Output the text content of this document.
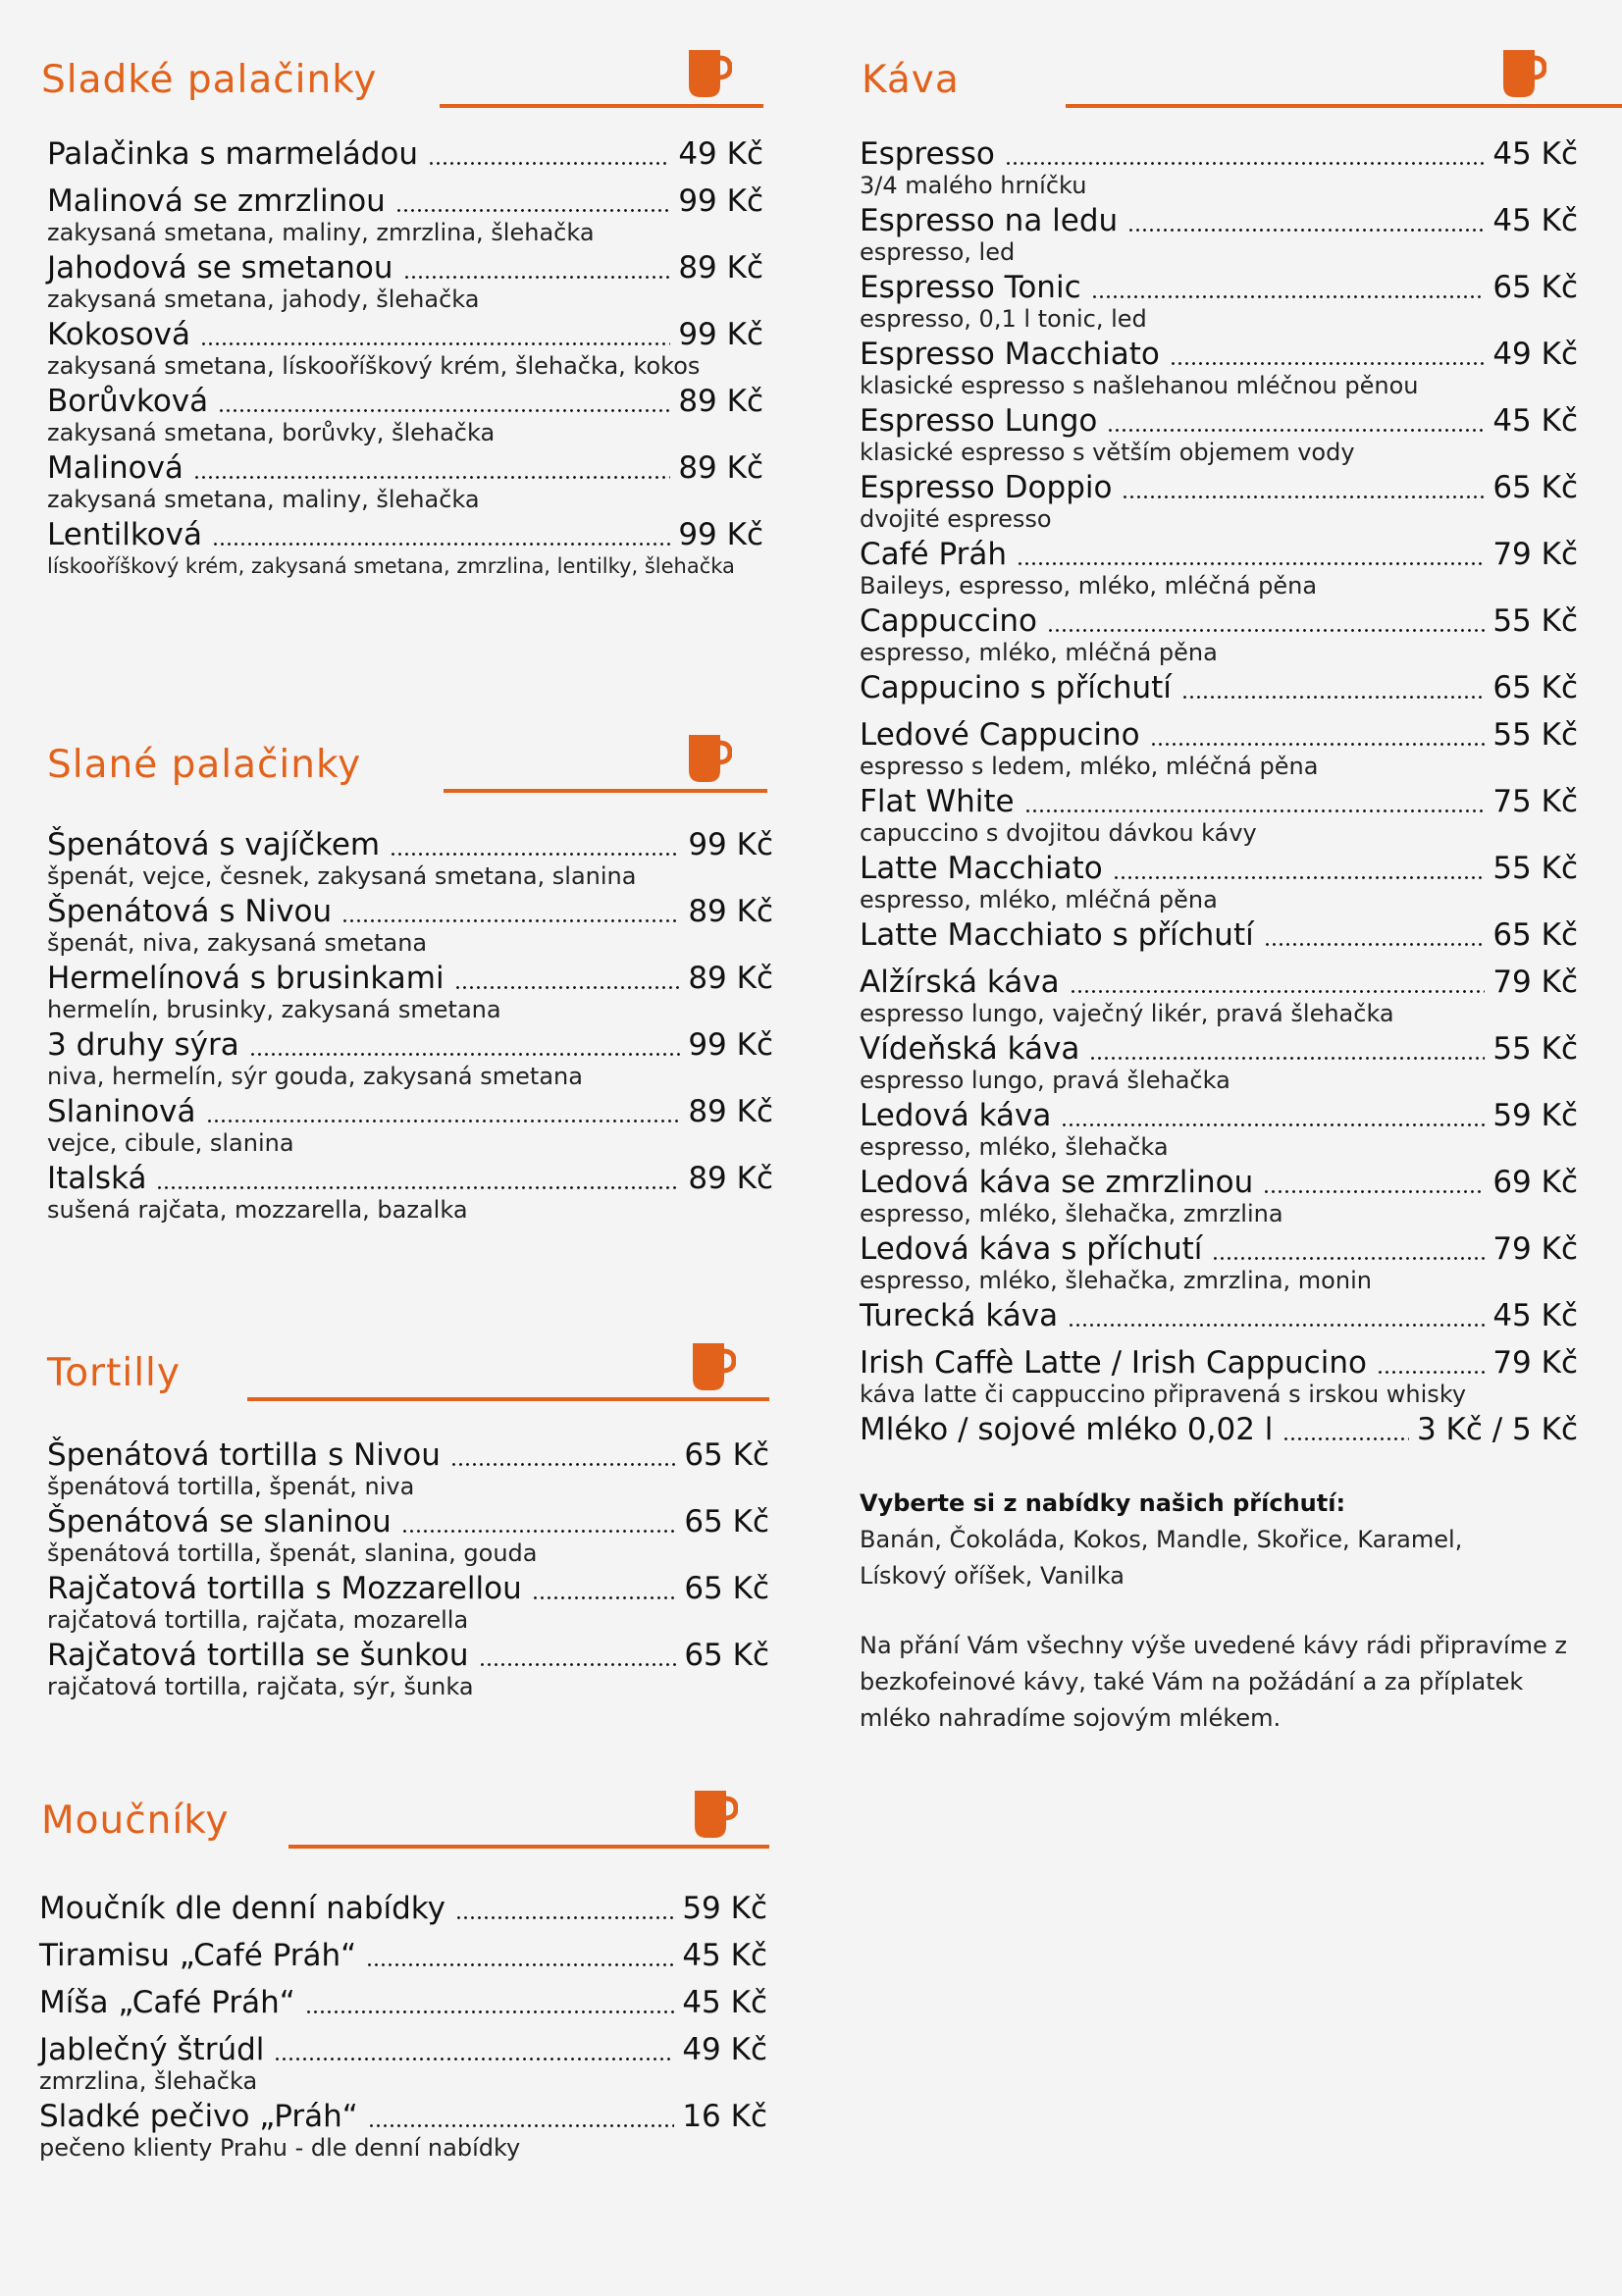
Sladké palačinky
Palačinka s marmeládou	49 Kč
Malinová se zmrzlinou	99 Kč
zakysaná smetana, maliny, zmrzlina, šlehačka
Jahodová se smetanou	89 Kč
zakysaná smetana, jahody, šlehačka
Kokosová	99 Kč
zakysaná smetana, lískooříškový krém, šlehačka, kokos
Borůvková	89 Kč
zakysaná smetana, borůvky, šlehačka
Malinová	89 Kč
zakysaná smetana, maliny, šlehačka
Lentilková	99 Kč
lískooříškový krém, zakysaná smetana, zmrzlina, lentilky, šlehačka
Slané palačinky
Špenátová s vajíčkem	99 Kč
špenát, vejce, česnek, zakysaná smetana, slanina
Špenátová s Nivou	89 Kč
špenát, niva, zakysaná smetana
Hermelínová s brusinkami	89 Kč
hermelín, brusinky, zakysaná smetana
3 druhy sýra	99 Kč
niva, hermelín, sýr gouda, zakysaná smetana
Slaninová	89 Kč
vejce, cibule, slanina
Italská	89 Kč
sušená rajčata, mozzarella, bazalka
Tortilly
Špenátová tortilla s Nivou	65 Kč
špenátová tortilla, špenát, niva
Špenátová se slaninou	65 Kč
špenátová tortilla, špenát, slanina, gouda
Rajčatová tortilla s Mozzarellou	65 Kč
rajčatová tortilla, rajčata, mozarella
Rajčatová tortilla se šunkou	65 Kč
rajčatová tortilla, rajčata, sýr, šunka
Moučníky
Moučník dle denní nabídky	59 Kč
Tiramisu „Café Práh“	45 Kč
Míša „Café Práh“	45 Kč
Jablečný štrúdl	49 Kč
zmrzlina, šlehačka
Sladké pečivo „Práh“	16 Kč
pečeno klienty Prahu - dle denní nabídky
Káva
Espresso	45 Kč
3/4 malého hrníčku
Espresso na ledu	45 Kč
espresso, led
Espresso Tonic	65 Kč
espresso, 0,1 l tonic, led
Espresso Macchiato	49 Kč
klasické espresso s našlehanou mléčnou pěnou
Espresso Lungo	45 Kč
klasické espresso s větším objemem vody
Espresso Doppio	65 Kč
dvojité espresso
Café Práh	79 Kč
Baileys, espresso, mléko, mléčná pěna
Cappuccino	55 Kč
espresso, mléko, mléčná pěna
Cappucino s příchutí	65 Kč
Ledové Cappucino	55 Kč
espresso s ledem, mléko, mléčná pěna
Flat White	75 Kč
capuccino s dvojitou dávkou kávy
Latte Macchiato	55 Kč
espresso, mléko, mléčná pěna
Latte Macchiato s příchutí	65 Kč
Alžírská káva	79 Kč
espresso lungo, vaječný likér, pravá šlehačka
Vídeňská káva	55 Kč
espresso lungo, pravá šlehačka
Ledová káva	59 Kč
espresso, mléko, šlehačka
Ledová káva se zmrzlinou	69 Kč
espresso, mléko, šlehačka, zmrzlina
Ledová káva s příchutí	79 Kč
espresso, mléko, šlehačka, zmrzlina, monin
Turecká káva	45 Kč
Irish Caffè Latte / Irish Cappucino	79 Kč
káva latte či cappuccino připravená s irskou whisky
Mléko / sojové mléko 0,02 l	3 Kč / 5 Kč
Vyberte si z nabídky našich příchutí:
Banán, Čokoláda, Kokos, Mandle, Skořice, Karamel,
Lískový oříšek, Vanilka
Na přání Vám všechny výše uvedené kávy rádi připravíme z
bezkofeinové kávy, také Vám na požádání a za příplatek
mléko nahradíme sojovým mlékem.
